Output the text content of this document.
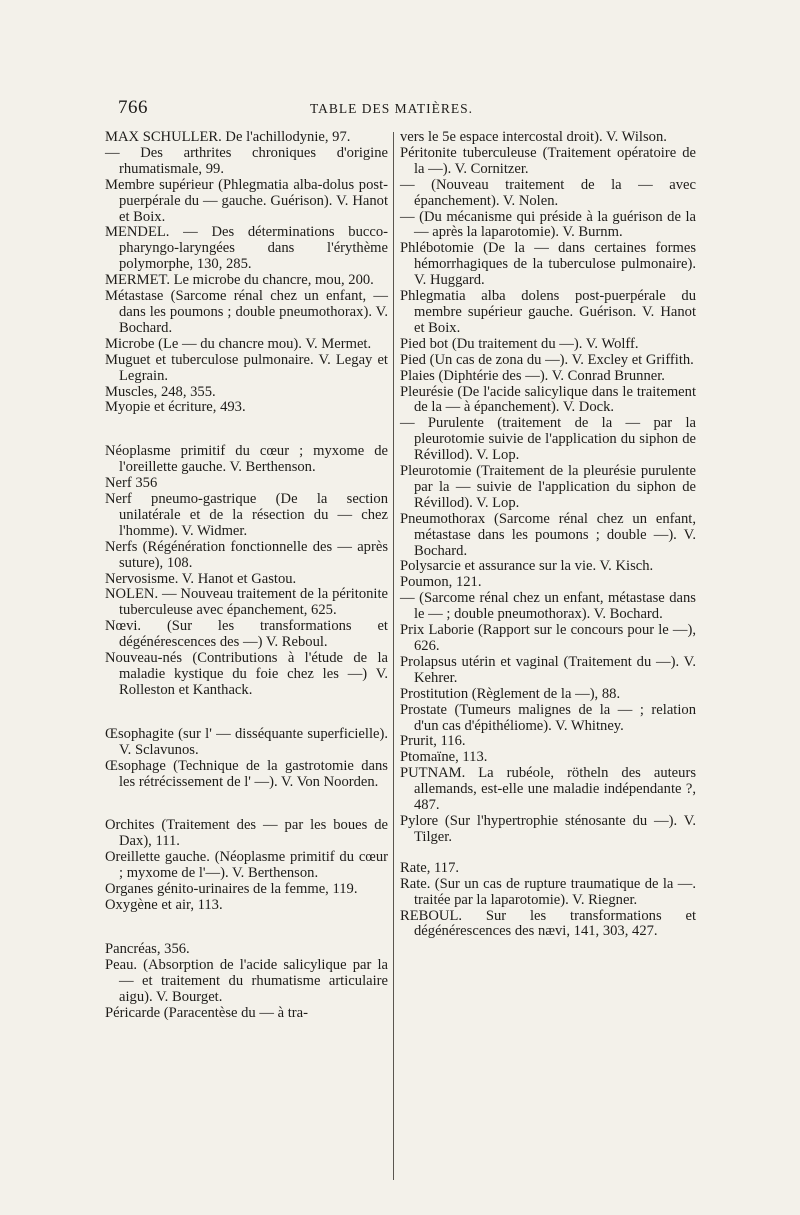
766	TABLE DES MATIÈRES.
MAX SCHULLER. De l'achillodynie, 97.
— Des arthrites chroniques d'origine rhumatismale, 99.
Membre supérieur (Phlegmatia alba-dolus post-puerpérale du — gauche. Guérison). V. Hanot et Boix.
MENDEL. — Des déterminations bucco-pharyngo-laryngées dans l'érythème polymorphe, 130, 285.
MERMET. Le microbe du chancre, mou, 200.
Métastase (Sarcome rénal chez un enfant, — dans les poumons ; double pneumothorax). V. Bochard.
Microbe (Le — du chancre mou). V. Mermet.
Muguet et tuberculose pulmonaire. V. Legay et Legrain.
Muscles, 248, 355.
Myopie et écriture, 493.
Néoplasme primitif du cœur ; myxome de l'oreillette gauche. V. Berthenson.
Nerf 356
Nerf pneumo-gastrique (De la section unilatérale et de la résection du — chez l'homme). V. Widmer.
Nerfs (Régénération fonctionnelle des — après suture), 108.
Nervosisme. V. Hanot et Gastou.
NOLEN. — Nouveau traitement de la péritonite tuberculeuse avec épanchement, 625.
Nœvi. (Sur les transformations et dégénérescences des —) V. Reboul.
Nouveau-nés (Contributions à l'étude de la maladie kystique du foie chez les —) V. Rolleston et Kanthack.
Œsophagite (sur l' — disséquante superficielle). V. Sclavunos.
Œsophage (Technique de la gastrotomie dans les rétrécissement de l' —). V. Von Noorden.
Orchites (Traitement des — par les boues de Dax), 111.
Oreillette gauche. (Néoplasme primitif du cœur ; myxome de l'—). V. Berthenson.
Organes génito-urinaires de la femme, 119.
Oxygène et air, 113.
Pancréas, 356.
Peau. (Absorption de l'acide salicylique par la — et traitement du rhumatisme articulaire aigu). V. Bourget.
Péricarde (Paracentèse du — à tra-
vers le 5e espace intercostal droit). V. Wilson.
Péritonite tuberculeuse (Traitement opératoire de la —). V. Cornitzer.
— (Nouveau traitement de la — avec épanchement). V. Nolen.
— (Du mécanisme qui préside à la guérison de la — après la laparotomie). V. Burnm.
Phlébotomie (De la — dans certaines formes hémorrhagiques de la tuberculose pulmonaire). V. Huggard.
Phlegmatia alba dolens post-puerpérale du membre supérieur gauche. Guérison. V. Hanot et Boix.
Pied bot (Du traitement du —). V. Wolff.
Pied (Un cas de zona du —). V. Excley et Griffith.
Plaies (Diphtérie des —). V. Conrad Brunner.
Pleurésie (De l'acide salicylique dans le traitement de la — à épanchement). V. Dock.
— Purulente (traitement de la — par la pleurotomie suivie de l'application du siphon de Révillod). V. Lop.
Pleurotomie (Traitement de la pleurésie purulente par la — suivie de l'application du siphon de Révillod). V. Lop.
Pneumothorax (Sarcome rénal chez un enfant, métastase dans les poumons ; double —). V. Bochard.
Polysarcie et assurance sur la vie. V. Kisch.
Poumon, 121.
— (Sarcome rénal chez un enfant, métastase dans le — ; double pneumothorax). V. Bochard.
Prix Laborie (Rapport sur le concours pour le —), 626.
Prolapsus utérin et vaginal (Traitement du —). V. Kehrer.
Prostitution (Règlement de la —), 88.
Prostate (Tumeurs malignes de la — ; relation d'un cas d'épithéliome). V. Whitney.
Prurit, 116.
Ptomaïne, 113.
PUTNAM. La rubéole, rötheln des auteurs allemands, est-elle une maladie indépendante ?, 487.
Pylore (Sur l'hypertrophie sténosante du —). V. Tilger.
Rate, 117.
Rate. (Sur un cas de rupture traumatique de la —. traitée par la laparotomie). V. Riegner.
REBOUL. Sur les transformations et dégénérescences des nævi, 141, 303, 427.
